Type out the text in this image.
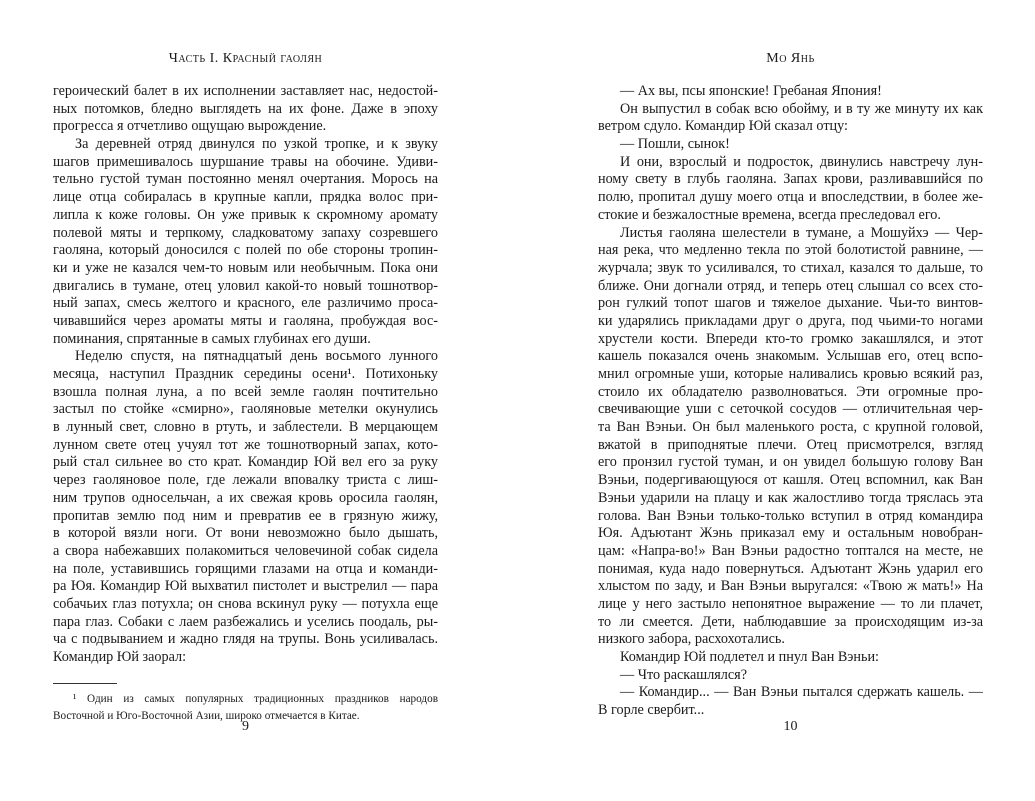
Часть I. Красный гаолян
героический балет в их исполнении заставляет нас, недостой-
ных потомков, бледно выглядеть на их фоне. Даже в эпоху
прогресса я отчетливо ощущаю вырождение.
За деревней отряд двинулся по узкой тропке, и к звуку
шагов примешивалось шуршание травы на обочине. Удиви-
тельно густой туман постоянно менял очертания. Морось на
лице отца собиралась в крупные капли, прядка волос при-
липла к коже головы. Он уже привык к скромному аромату
полевой мяты и терпкому, сладковатому запаху созревшего
гаоляна, который доносился с полей по обе стороны тропин-
ки и уже не казался чем-то новым или необычным. Пока они
двигались в тумане, отец уловил какой-то новый тошнотвор-
ный запах, смесь желтого и красного, еле различимо проса-
чивавшийся через ароматы мяты и гаоляна, пробуждая вос-
поминания, спрятанные в самых глубинах его души.
Неделю спустя, на пятнадцатый день восьмого лунного
месяца, наступил Праздник середины осени¹. Потихоньку
взошла полная луна, а по всей земле гаолян почтительно
застыл по стойке «смирно», гаоляновые метелки окунулись
в лунный свет, словно в ртуть, и заблестели. В мерцающем
лунном свете отец учуял тот же тошнотворный запах, кото-
рый стал сильнее во сто крат. Командир Юй вел его за руку
через гаоляновое поле, где лежали вповалку триста с лиш-
ним трупов односельчан, а их свежая кровь оросила гаолян,
пропитав землю под ним и превратив ее в грязную жижу,
в которой вязли ноги. От вони невозможно было дышать,
а свора набежавших полакомиться человечиной собак сидела
на поле, уставившись горящими глазами на отца и команди-
ра Юя. Командир Юй выхватил пистолет и выстрелил — пара
собачьих глаз потухла; он снова вскинул руку — потухла еще
пара глаз. Собаки с лаем разбежались и уселись поодаль, ры-
ча с подвыванием и жадно глядя на трупы. Вонь усиливалась.
Командир Юй заорал:
¹ Один из самых популярных традиционных праздников народов
Восточной и Юго-Восточной Азии, широко отмечается в Китае.
9
Мо Янь
— Ах вы, псы японские! Гребаная Япония!
Он выпустил в собак всю обойму, и в ту же минуту их как
ветром сдуло. Командир Юй сказал отцу:
— Пошли, сынок!
И они, взрослый и подросток, двинулись навстречу лун-
ному свету в глубь гаоляна. Запах крови, разливавшийся по
полю, пропитал душу моего отца и впоследствии, в более же-
стокие и безжалостные времена, всегда преследовал его.
Листья гаоляна шелестели в тумане, а Мошуйхэ — Чер-
ная река, что медленно текла по этой болотистой равнине, —
журчала; звук то усиливался, то стихал, казался то дальше, то
ближе. Они догнали отряд, и теперь отец слышал со всех сто-
рон гулкий топот шагов и тяжелое дыхание. Чьи-то винтов-
ки ударялись прикладами друг о друга, под чьими-то ногами
хрустели кости. Впереди кто-то громко закашлялся, и этот
кашель показался очень знакомым. Услышав его, отец вспо-
мнил огромные уши, которые наливались кровью всякий раз,
стоило их обладателю разволноваться. Эти огромные про-
свечивающие уши с сеточкой сосудов — отличительная чер-
та Ван Вэньи. Он был маленького роста, с крупной головой,
вжатой в приподнятые плечи. Отец присмотрелся, взгляд
его пронзил густой туман, и он увидел большую голову Ван
Вэньи, подергивающуюся от кашля. Отец вспомнил, как Ван
Вэньи ударили на плацу и как жалостливо тогда тряслась эта
голова. Ван Вэньи только-только вступил в отряд командира
Юя. Адъютант Жэнь приказал ему и остальным новобран-
цам: «Напра-во!» Ван Вэньи радостно топтался на месте, не
понимая, куда надо повернуться. Адъютант Жэнь ударил его
хлыстом по заду, и Ван Вэньи выругался: «Твою ж мать!» На
лице у него застыло непонятное выражение — то ли плачет,
то ли смеется. Дети, наблюдавшие за происходящим из-за
низкого забора, расхохотались.
Командир Юй подлетел и пнул Ван Вэньи:
— Что раскашлялся?
— Командир... — Ван Вэньи пытался сдержать кашель. —
В горле свербит...
10
